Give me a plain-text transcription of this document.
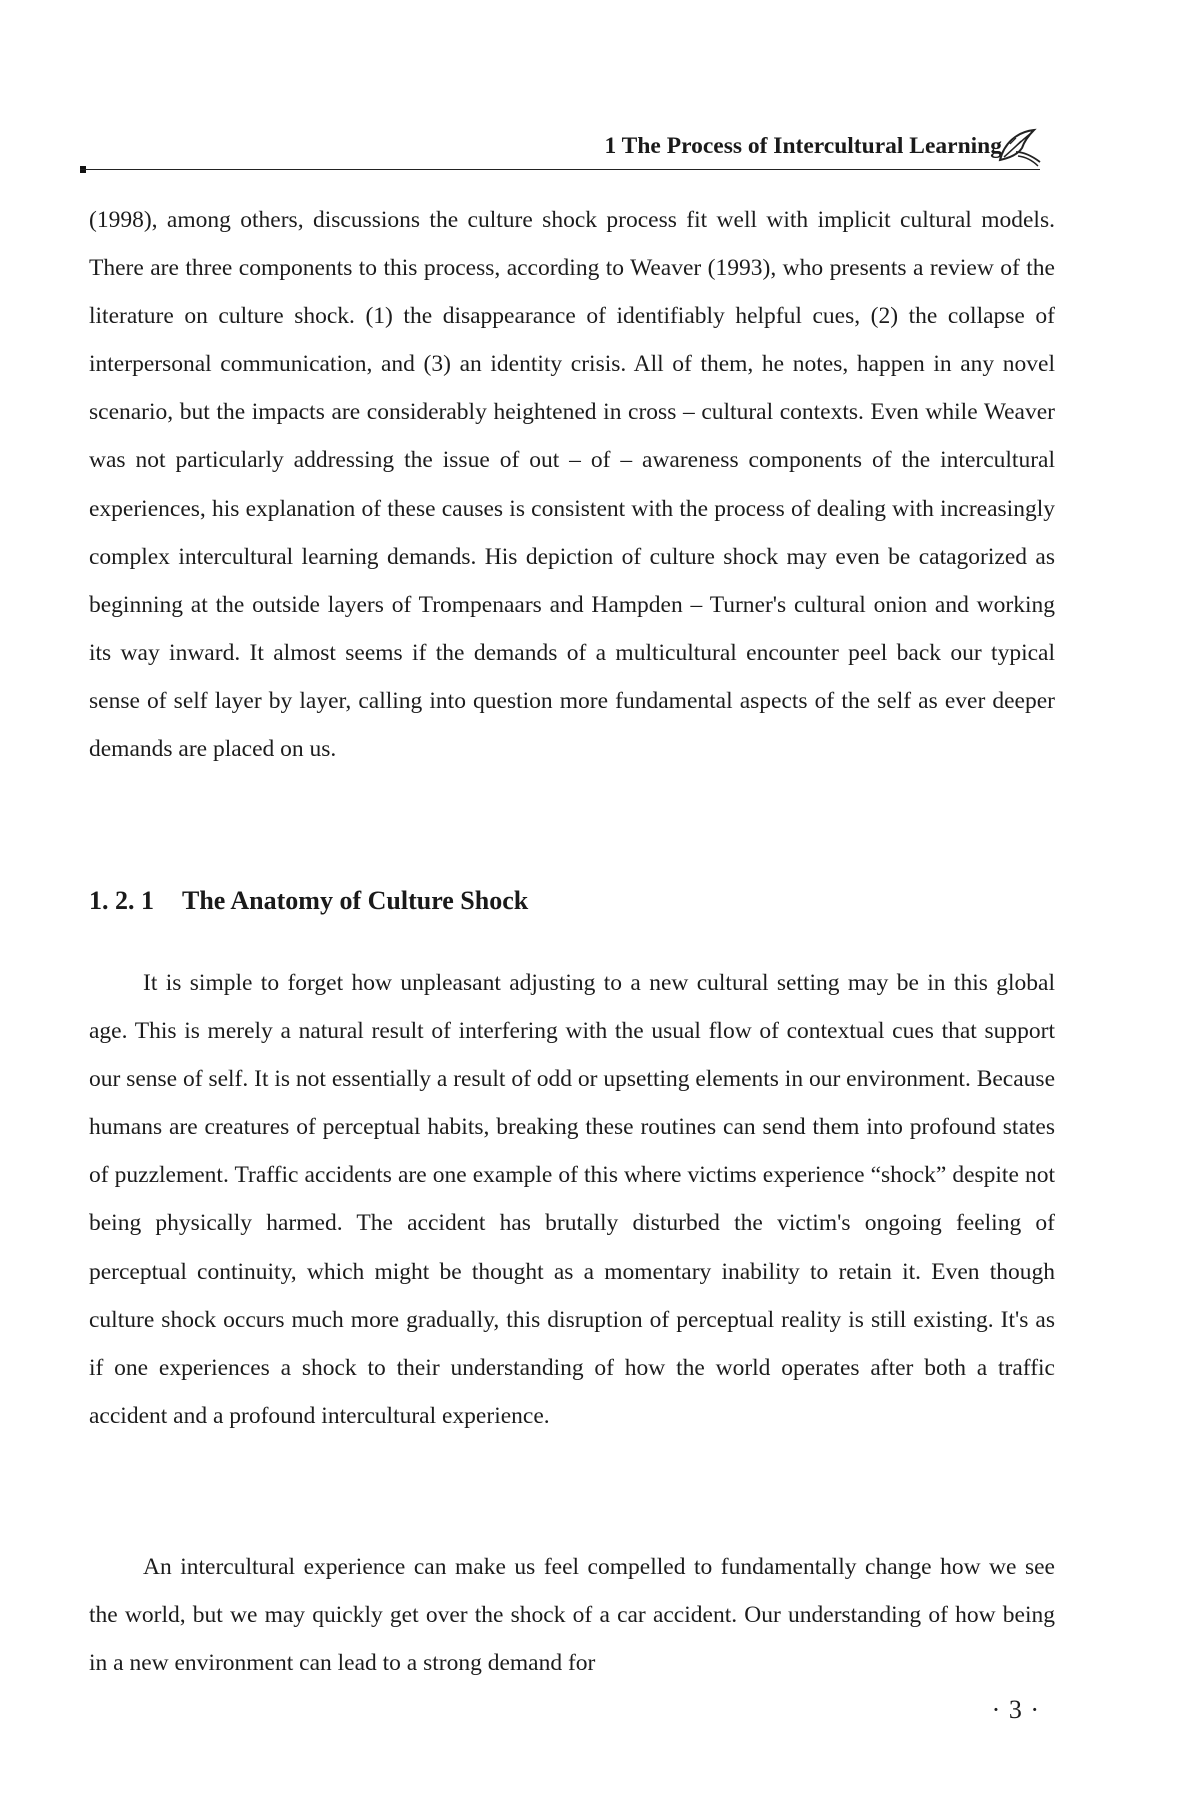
1 The Process of Intercultural Learning

(1998), among others, discussions the culture shock process fit well with implicit cultural models. There are three components to this process, according to Weaver (1993), who presents a review of the literature on culture shock. (1) the disappearance of identifiably helpful cues, (2) the collapse of interpersonal communication, and (3) an identity crisis. All of them, he notes, happen in any novel scenario, but the impacts are considerably heightened in cross – cultural contexts. Even while Weaver was not particularly addressing the issue of out – of – awareness components of the intercultural experiences, his explanation of these causes is consistent with the process of dealing with increasingly complex intercultural learning demands. His depiction of culture shock may even be catagorized as beginning at the outside layers of Trompenaars and Hampden – Turner's cultural onion and working its way inward. It almost seems if the demands of a multicultural encounter peel back our typical sense of self layer by layer, calling into question more fundamental aspects of the self as ever deeper demands are placed on us.

1. 2. 1 The Anatomy of Culture Shock

It is simple to forget how unpleasant adjusting to a new cultural setting may be in this global age. This is merely a natural result of interfering with the usual flow of contextual cues that support our sense of self. It is not essentially a result of odd or upsetting elements in our environment. Because humans are creatures of perceptual habits, breaking these routines can send them into profound states of puzzlement. Traffic accidents are one example of this where victims experience “shock” despite not being physically harmed. The accident has brutally disturbed the victim's ongoing feeling of perceptual continuity, which might be thought as a momentary inability to retain it. Even though culture shock occurs much more gradually, this disruption of perceptual reality is still existing. It's as if one experiences a shock to their understanding of how the world operates after both a traffic accident and a profound intercultural experience.

An intercultural experience can make us feel compelled to fundamentally change how we see the world, but we may quickly get over the shock of a car accident. Our understanding of how being in a new environment can lead to a strong demand for

· 3 ·
